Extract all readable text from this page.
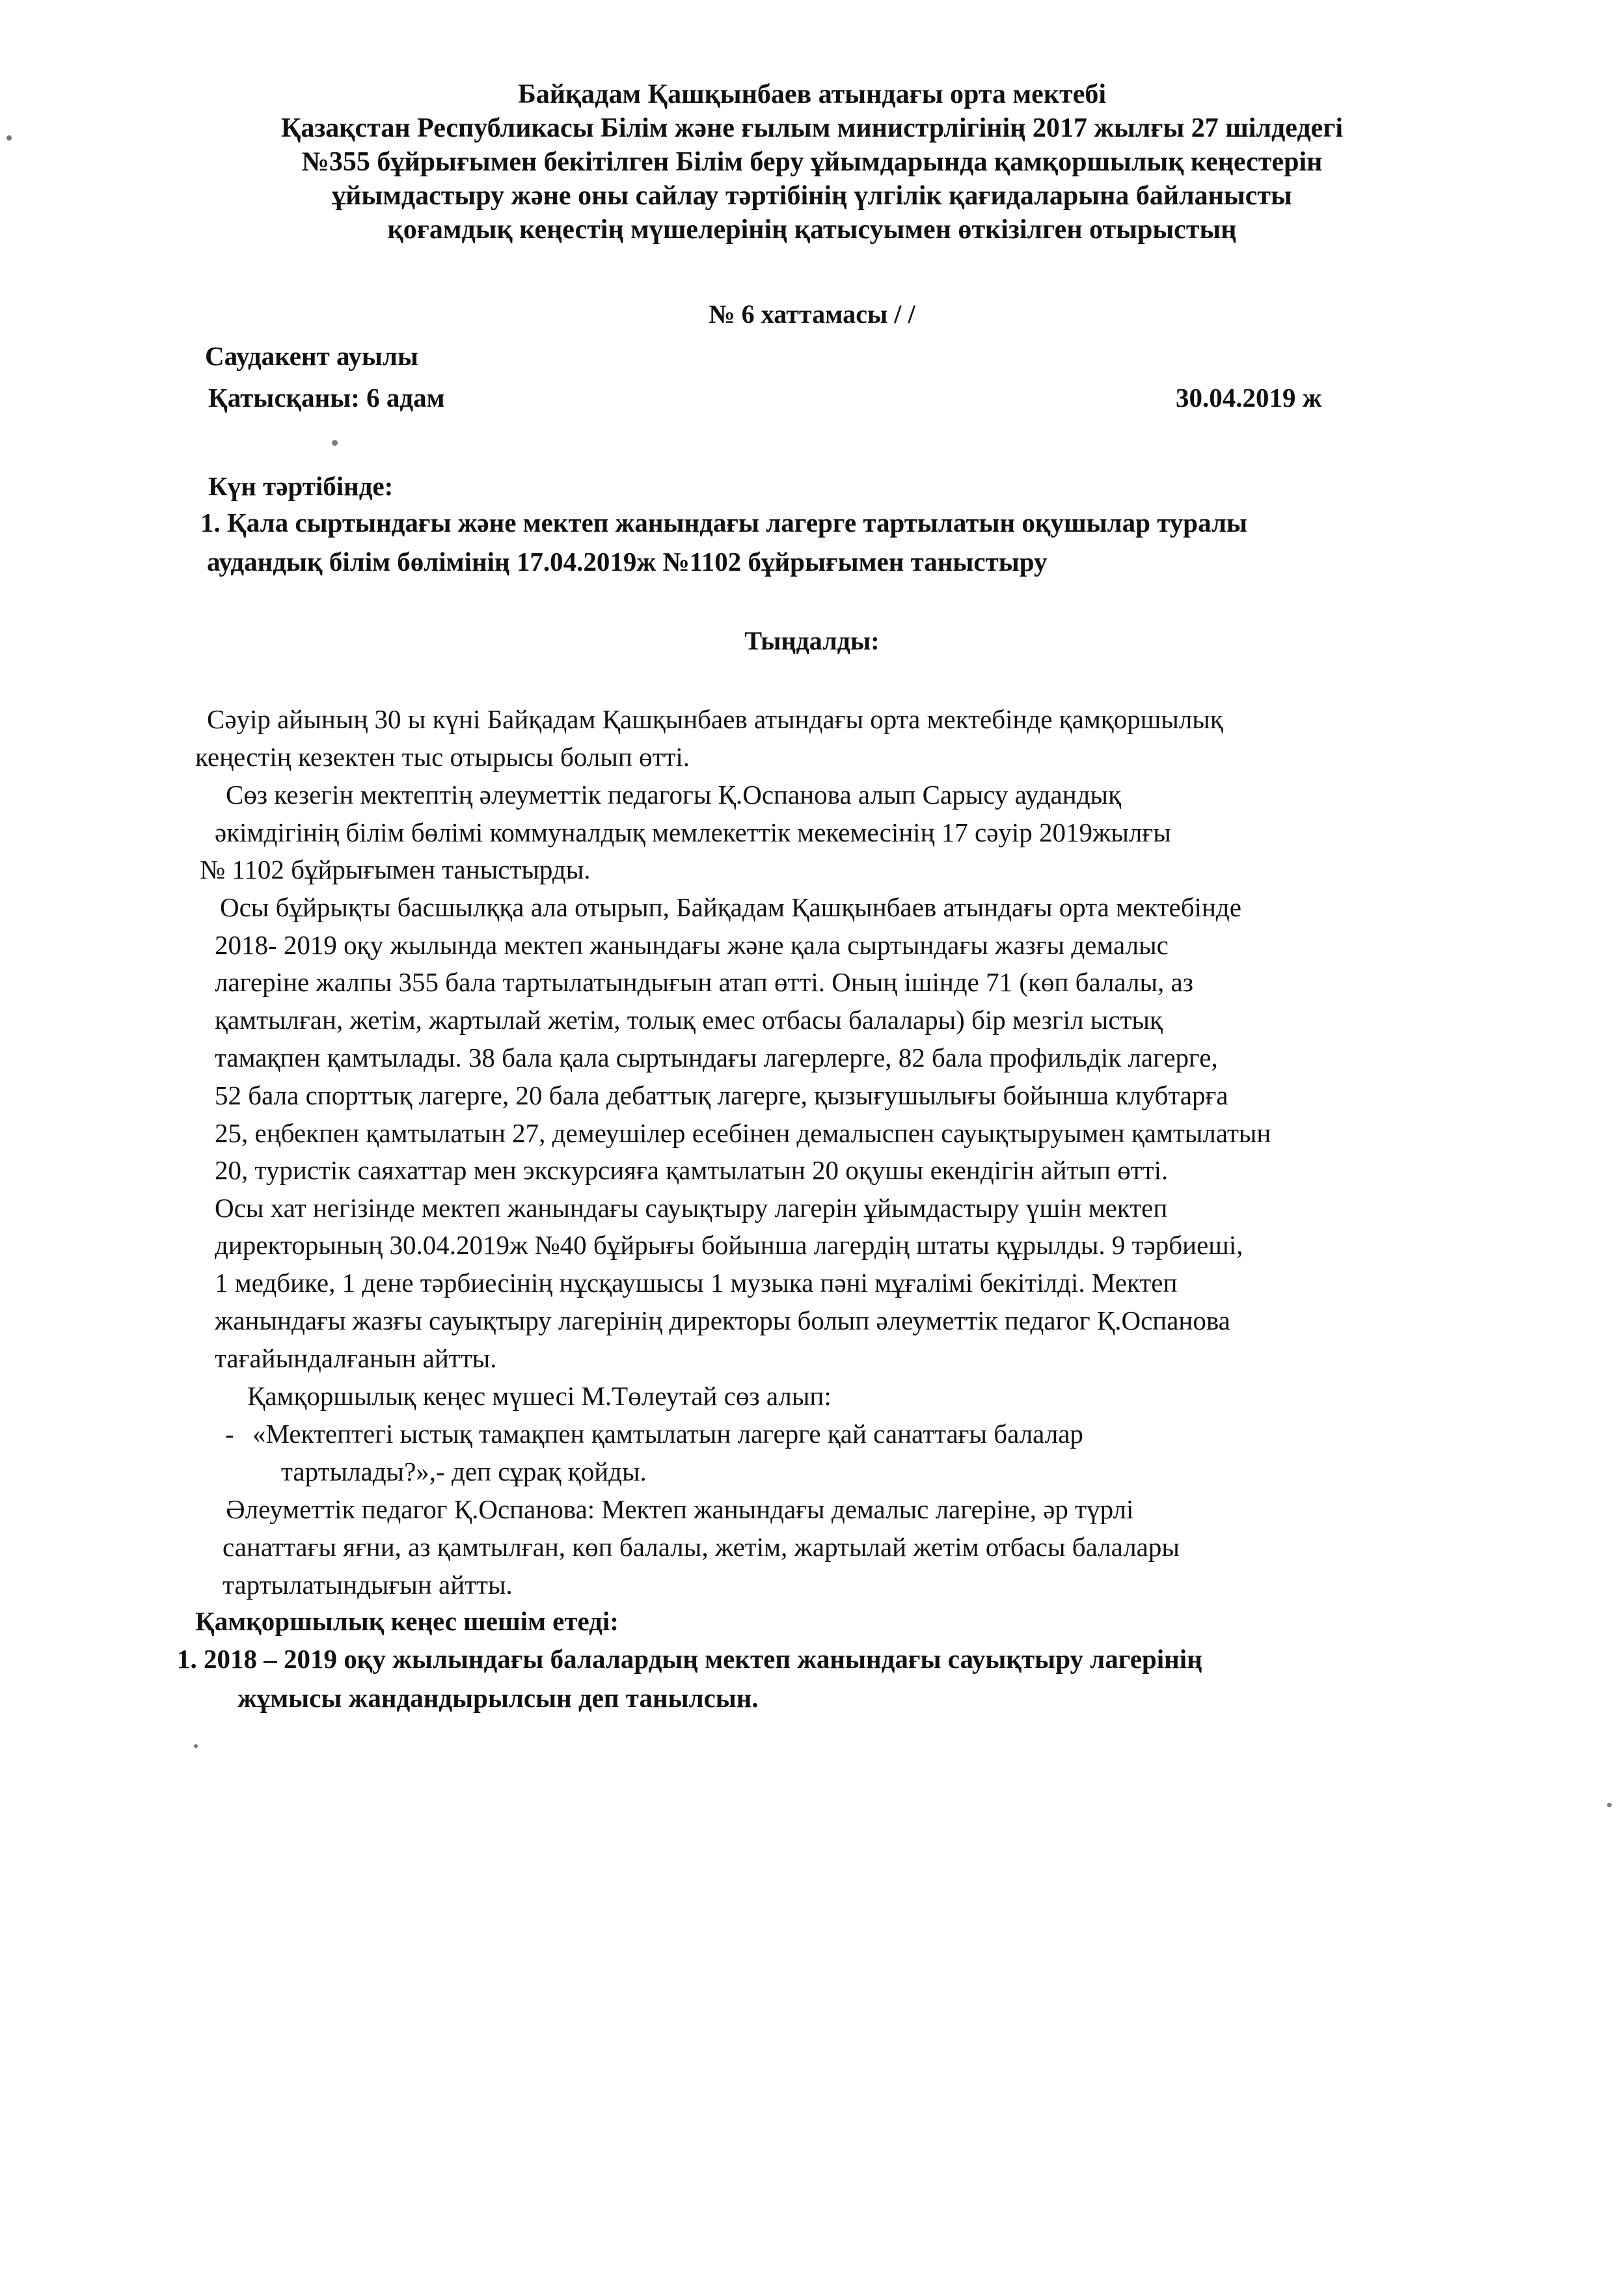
Байқадам Қашқынбаев атындағы орта мектебі
Қазақстан Республикасы Білім және ғылым министрлігінің 2017 жылғы 27 шілдедегі
№355 бұйрығымен бекітілген Білім беру ұйымдарында қамқоршылық кеңестерін
ұйымдастыру және оны сайлау тәртібінің үлгілік қағидаларына байланысты
қоғамдық кеңестің мүшелерінің қатысуымен өткізілген отырыстың
№ 6 хаттамасы / /
Саудакент ауылы
Қатысқаны: 6 адам	30.04.2019 ж
Күн тәртібінде:
1. Қала сыртындағы және мектеп жанындағы лагерге тартылатын оқушылар туралы
аудандық білім бөлімінің 17.04.2019ж №1102 бұйрығымен таныстыру
Тыңдалды:
Сәуір айының 30 ы күні Байқадам Қашқынбаев атындағы орта мектебінде қамқоршылық
кеңестің кезектен тыс отырысы болып өтті.
Сөз кезегін мектептің әлеуметтік педагогы Қ.Оспанова алып Сарысу аудандық
әкімдігінің білім бөлімі коммуналдық мемлекеттік мекемесінің 17 сәуір 2019жылғы
№ 1102 бұйрығымен таныстырды.
Осы бұйрықты басшылққа ала отырып, Байқадам Қашқынбаев атындағы орта мектебінде
2018- 2019 оқу жылында мектеп жанындағы және қала сыртындағы жазғы демалыс
лагеріне жалпы 355 бала тартылатындығын атап өтті. Оның ішінде 71 (көп балалы, аз
қамтылған, жетім, жартылай жетім, толық емес отбасы балалары) бір мезгіл ыстық
тамақпен қамтылады. 38 бала қала сыртындағы лагерлерге, 82 бала профильдік лагерге,
52 бала спорттық лагерге, 20 бала дебаттық лагерге, қызығушылығы бойынша клубтарға
25, еңбекпен қамтылатын 27, демеушілер есебінен демалыспен сауықтыруымен қамтылатын
20, туристік саяхаттар мен экскурсияға қамтылатын 20 оқушы екендігін айтып өтті.
Осы хат негізінде мектеп жанындағы сауықтыру лагерін ұйымдастыру үшін мектеп
директорының 30.04.2019ж №40 бұйрығы бойынша лагердің штаты құрылды. 9 тәрбиеші,
1 медбике, 1 дене тәрбиесінің нұсқаушысы 1 музыка пәні мұғалімі бекітілді. Мектеп
жанындағы жазғы сауықтыру лагерінің директоры болып әлеуметтік педагог Қ.Оспанова
тағайындалғанын айтты.
Қамқоршылық кеңес мүшесі М.Төлеутай сөз алып:
- «Мектептегі ыстық тамақпен қамтылатын лагерге қай санаттағы балалар
тартылады?»,- деп сұрақ қойды.
Әлеуметтік педагог Қ.Оспанова: Мектеп жанындағы демалыс лагеріне, әр түрлі
санаттағы яғни, аз қамтылған, көп балалы, жетім, жартылай жетім отбасы балалары
тартылатындығын айтты.
Қамқоршылық кеңес шешім етеді:
1. 2018 – 2019 оқу жылындағы балалардың мектеп жанындағы сауықтыру лагерінің
жұмысы жандандырылсын деп танылсын.
